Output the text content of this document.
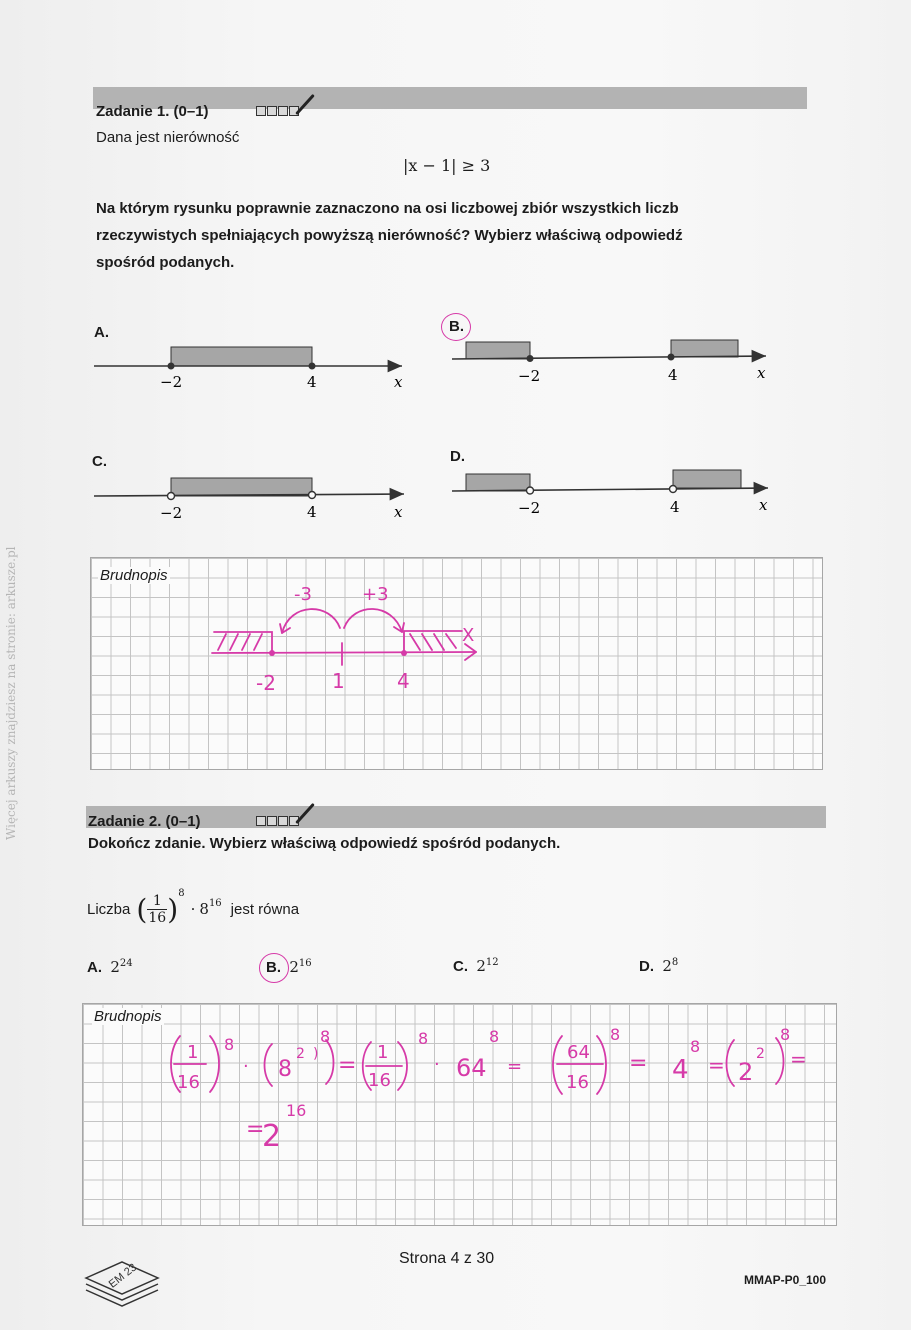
Więcej arkuszy znajdziesz na stronie: arkusze.pl
Zadanie 1. (0–1)
Dana jest nierówność
|x − 1| ≥ 3
Na którym rysunku poprawnie zaznaczono na osi liczbowej zbiór wszystkich liczb
rzeczywistych spełniających powyższą nierówność? Wybierz właściwą odpowiedź
spośród podanych.
A.	B.
C.	D.
−2	4	x	−2	4	x
−2	4	x	−2	4	x
Brudnopis
-3	+3
X
-2	1	4
Zadanie 2. (0–1)
Dokończ zdanie. Wybierz właściwą odpowiedź spośród podanych.
Liczba ( 1
16 ) 8
· 8 16 jest równa
A. $2^{24}$	B. $2^{16}$	C. $2^{12}$	D. $2^8$
Brudnopis
1
16
8
· 8
2 )
8
=
1
16
8
· 64
8
=
64
16
8
= 4
8
= 2
2
8
=
=
2
16
EM 23
Strona 4 z 30
MMAP-P0_100
